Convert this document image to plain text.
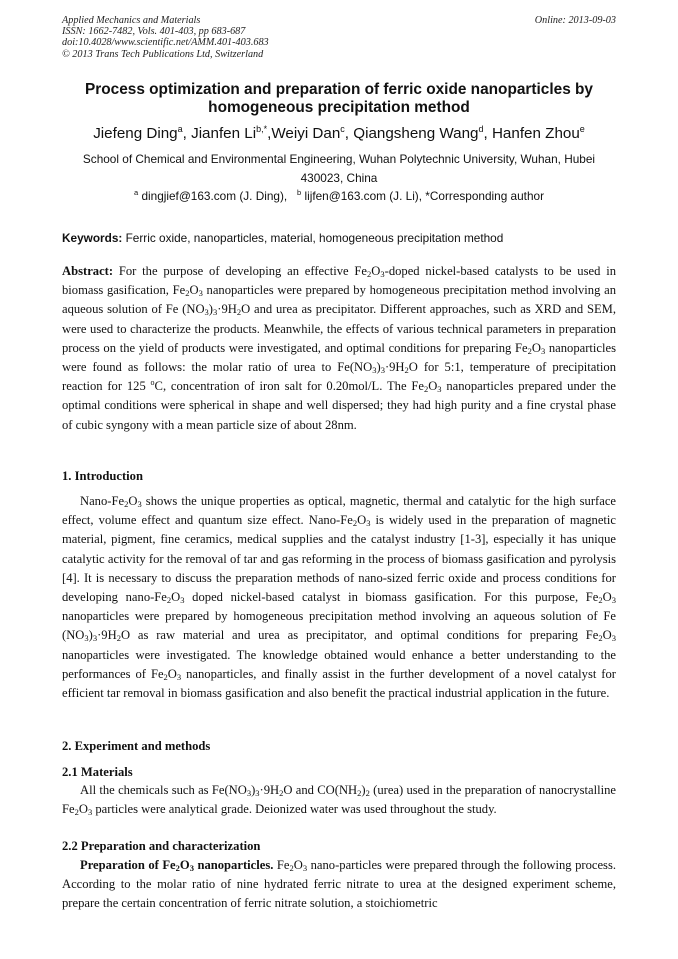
Online: 2013-09-03
Applied Mechanics and Materials
ISSN: 1662-7482, Vols. 401-403, pp 683-687
doi:10.4028/www.scientific.net/AMM.401-403.683
© 2013 Trans Tech Publications Ltd, Switzerland
Process optimization and preparation of ferric oxide nanoparticles by homogeneous precipitation method
Jiefeng Ding$^a$, Jianfen $Li^{b,*},Weiyi$ Dan$^c$, Qiangsheng Wang$^d$, Hanfen Zhou$^e$
School of Chemical and Environmental Engineering, Wuhan Polytechnic University, Wuhan, Hubei
430023, China
$^a$ dingjief@163.com (J. Ding), $^b$ lijfen@163.com (J. Li), *Corresponding author
Keywords: Ferric oxide, nanoparticles, material, homogeneous precipitation method
Abstract: For the purpose of developing an effective $Fe_2O_3$-doped nickel-based catalysts to be used in biomass gasification, $Fe_2O_3$ nanoparticles were prepared by homogeneous precipitation method involving an aqueous solution of Fe $(NO_3)_3\cdot 9H_2O$ and urea as precipitator. Different approaches, such as XRD and SEM, were used to characterize the products. Meanwhile, the effects of various technical parameters in preparation process on the yield of products were investigated, and optimal conditions for preparing $Fe_2O_3$ nanoparticles were found as follows: the molar ratio of urea to $Fe(NO_3)_3\cdot 9H_2O$ for 5:1, temperature of precipitation reaction for 125 $^o$C, concentration of iron salt for 0.20mol/L. The $Fe_2O_3$ nanoparticles prepared under the optimal conditions were spherical in shape and well dispersed; they had high purity and a fine crystal phase of cubic syngony with a mean particle size of about 28nm.
1. Introduction
Nano-$Fe_2O_3$ shows the unique properties as optical, magnetic, thermal and catalytic for the high surface effect, volume effect and quantum size effect. Nano-$Fe_2O_3$ is widely used in the preparation of magnetic material, pigment, fine ceramics, medical supplies and the catalyst industry [1-3], especially it has unique catalytic activity for the removal of tar and gas reforming in the process of biomass gasification and pyrolysis [4]. It is necessary to discuss the preparation methods of nano-sized ferric oxide and process conditions for developing nano-$Fe_2O_3$ doped nickel-based catalyst in biomass gasification. For this purpose, $Fe_2O_3$ nanoparticles were prepared by homogeneous precipitation method involving an aqueous solution of Fe $(NO_3)_3\cdot 9H_2O$ as raw material and urea as precipitator, and optimal conditions for preparing $Fe_2O_3$ nanoparticles were investigated. The knowledge obtained would enhance a better understanding to the performances of $Fe_2O_3$ nanoparticles, and finally assist in the further development of a novel catalyst for efficient tar removal in biomass gasification and also benefit the practical industrial application in the future.
2. Experiment and methods
2.1 Materials
All the chemicals such as $Fe(NO_3)_3\cdot 9H_2O$ and $CO(NH_2)_2$ (urea) used in the preparation of nanocrystalline $Fe_2O_3$ particles were analytical grade. Deionized water was used throughout the study.
2.2 Preparation and characterization
Preparation of $Fe_2O_3$ nanoparticles. $Fe_2O_3$ nano-particles were prepared through the following process. According to the molar ratio of nine hydrated ferric nitrate to urea at the designed experiment scheme, prepare the certain concentration of ferric nitrate solution, a stoichiometric
